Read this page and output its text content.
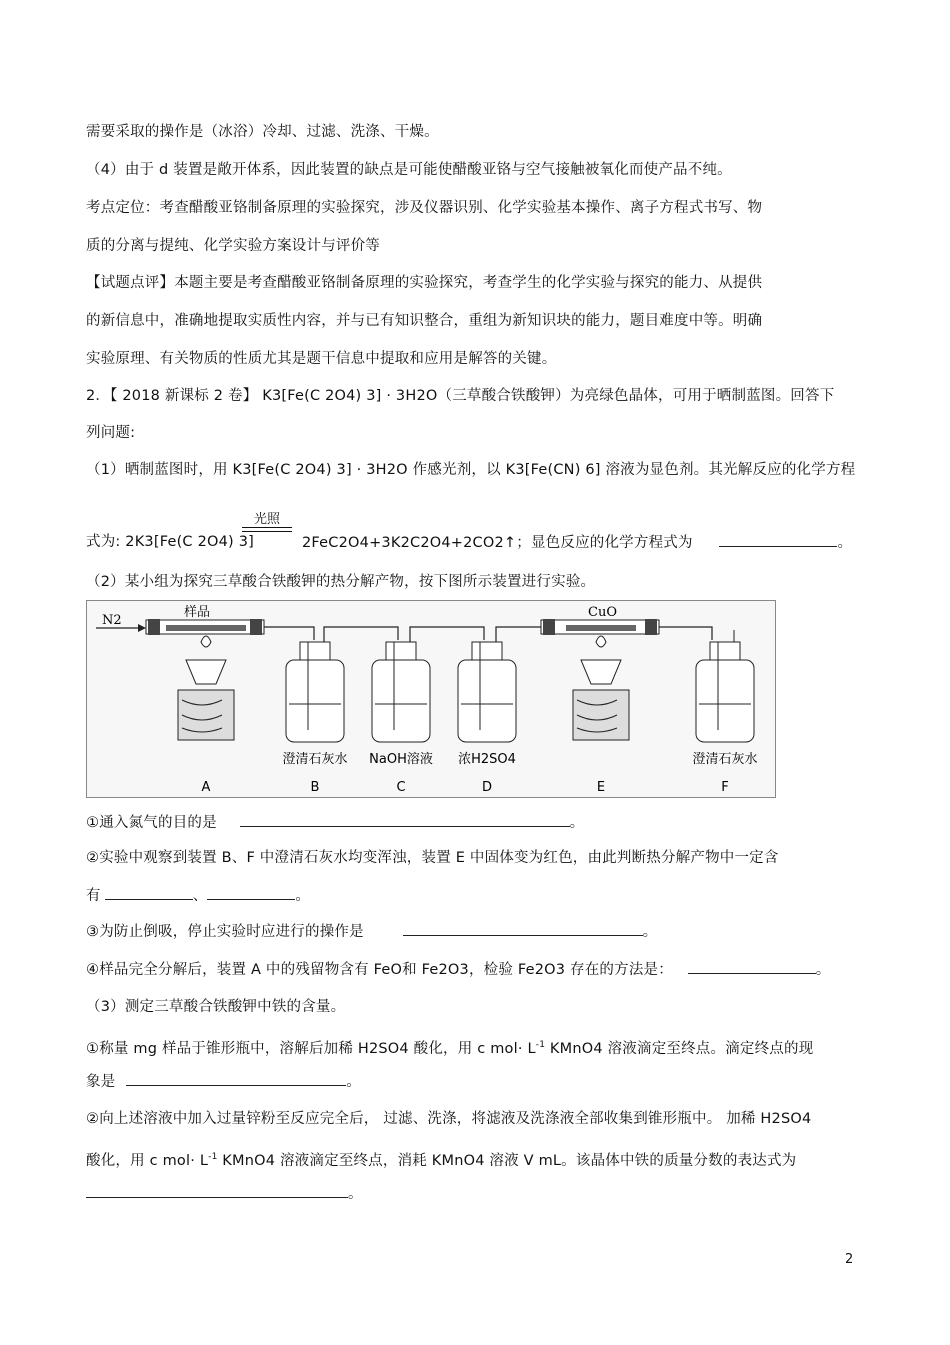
需要采取的操作是（冰浴）冷却、过滤、洗涤、干燥。
（4）由于 d 装置是敞开体系，因此装置的缺点是可能使醋酸亚铬与空气接触被氧化而使产品不纯。
考点定位：考查醋酸亚铬制备原理的实验探究，涉及仪器识别、化学实验基本操作、离子方程式书写、物
质的分离与提纯、化学实验方案设计与评价等
【试题点评】本题主要是考查醋酸亚铬制备原理的实验探究，考查学生的化学实验与探究的能力、从提供
的新信息中，准确地提取实质性内容，并与已有知识整合，重组为新知识块的能力，题目难度中等。明确
实验原理、有关物质的性质尤其是题干信息中提取和应用是解答的关键。
2．【 2018 新课标 2 卷】 K3[Fe(C 2O4) 3] · 3H2O（三草酸合铁酸钾）为亮绿色晶体，可用于晒制蓝图。回答下
列问题:
（1）晒制蓝图时，用 K3[Fe(C 2O4) 3] · 3H2O 作感光剂，以 K3[Fe(CN) 6] 溶液为显色剂。其光解反应的化学方程
式为: 2K3[Fe(C 2O4) 3]
光照
2FeC2O4+3K2C2O4+2CO2↑；显色反应的化学方程式为	。
（2）某小组为探究三草酸合铁酸钾的热分解产物，按下图所示装置进行实验。
N2
样品	CuO
澄清石灰水 NaOH溶液 浓H2SO4	澄清石灰水
A	B	C	D	E	F
①通入氮气的目的是	。
②实验中观察到装置 B、F 中澄清石灰水均变浑浊，装置 E 中固体变为红色，由此判断热分解产物中一定含
有	、	。
③为防止倒吸，停止实验时应进行的操作是	。
④样品完全分解后，装置 A 中的残留物含有 FeO和 Fe2O3，检验 Fe2O3 存在的方法是：	。
（3）测定三草酸合铁酸钾中铁的含量。
①称量 mg 样品于锥形瓶中，溶解后加稀 H2SO4 酸化，用 c $mol\cdot L^{-1}$ KMnO4 溶液滴定至终点。滴定终点的现
象是	。
②向上述溶液中加入过量锌粉至反应完全后， 过滤、洗涤，将滤液及洗涤液全部收集到锥形瓶中。 加稀 H2SO4
酸化，用 c $mol\cdot L^{-1}$ KMnO4 溶液滴定至终点，消耗 KMnO4 溶液 V mL。该晶体中铁的质量分数的表达式为
。
2
